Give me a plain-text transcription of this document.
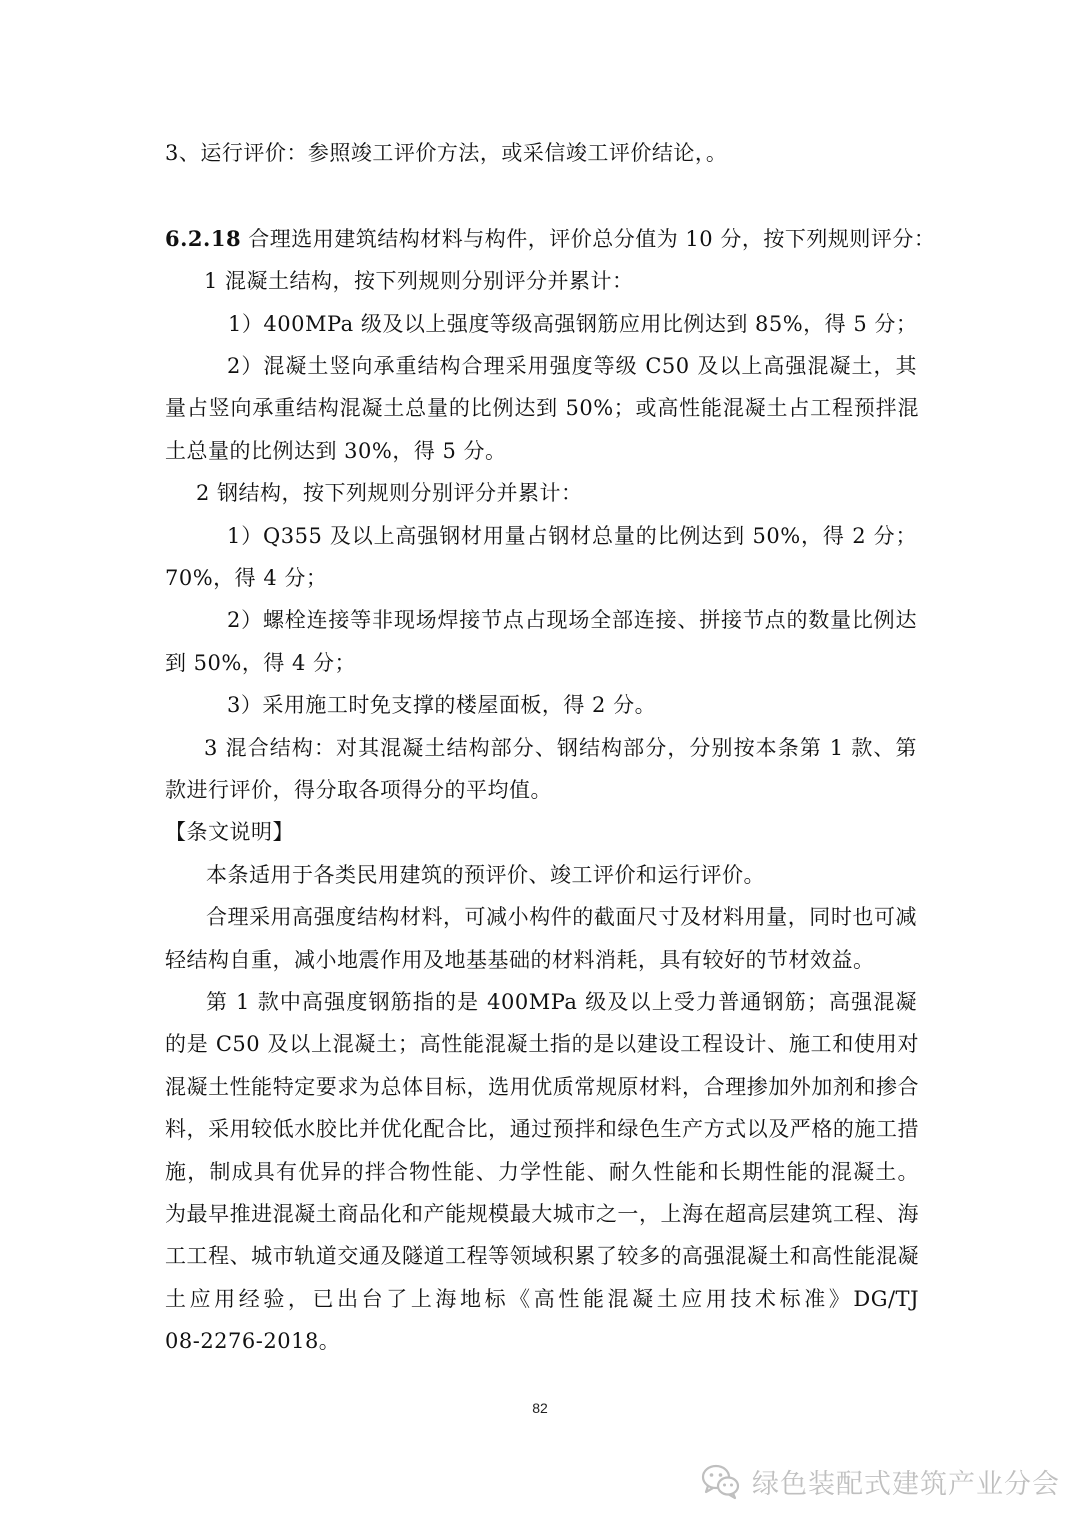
3、运行评价：参照竣工评价方法，或采信竣工评价结论，。
6.2.18 合理选用建筑结构材料与构件，评价总分值为 10 分，按下列规则评分：
1 混凝土结构，按下列规则分别评分并累计：
1）400MPa 级及以上强度等级高强钢筋应用比例达到 85%，得 5 分；
2）混凝土竖向承重结构合理采用强度等级 C50 及以上高强混凝土，其
量占竖向承重结构混凝土总量的比例达到 50%；或高性能混凝土占工程预拌混
土总量的比例达到 30%，得 5 分。
2 钢结构，按下列规则分别评分并累计：
1）Q355 及以上高强钢材用量占钢材总量的比例达到 50%，得 2 分；
70%，得 4 分；
2）螺栓连接等非现场焊接节点占现场全部连接、拼接节点的数量比例达
到 50%，得 4 分；
3）采用施工时免支撑的楼屋面板，得 2 分。
3 混合结构：对其混凝土结构部分、钢结构部分，分别按本条第 1 款、第
款进行评价，得分取各项得分的平均值。
【条文说明】
本条适用于各类民用建筑的预评价、竣工评价和运行评价。
合理采用高强度结构材料，可减小构件的截面尺寸及材料用量，同时也可减
轻结构自重，减小地震作用及地基基础的材料消耗，具有较好的节材效益。
第 1 款中高强度钢筋指的是 400MPa 级及以上受力普通钢筋；高强混凝
的是 C50 及以上混凝土；高性能混凝土指的是以建设工程设计、施工和使用对
混凝土性能特定要求为总体目标，选用优质常规原材料，合理掺加外加剂和掺合
料，采用较低水胶比并优化配合比，通过预拌和绿色生产方式以及严格的施工措
施，制成具有优异的拌合物性能、力学性能、耐久性能和长期性能的混凝土。
为最早推进混凝土商品化和产能规模最大城市之一，上海在超高层建筑工程、海
工工程、城市轨道交通及隧道工程等领域积累了较多的高强混凝土和高性能混凝
土应用经验，已出台了上海地标《高性能混凝土应用技术标准》DG/TJ
08-2276-2018。
82
绿色装配式建筑产业分会
